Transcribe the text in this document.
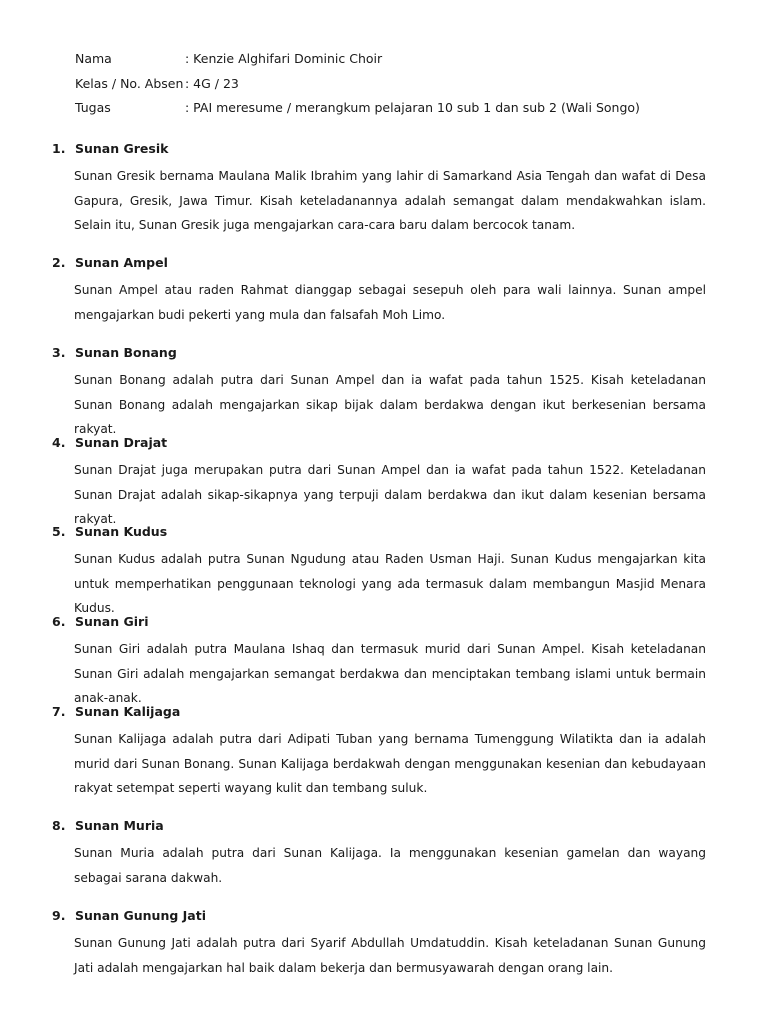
Nama	: Kenzie Alghifari Dominic Choir
Kelas / No. Absen : 4G / 23
Tugas	: PAI meresume / merangkum pelajaran 10 sub 1 dan sub 2 (Wali Songo)
1. Sunan Gresik
Sunan Gresik bernama Maulana Malik Ibrahim yang lahir di Samarkand Asia Tengah dan wafat di Desa Gapura, Gresik, Jawa Timur. Kisah keteladanannya adalah semangat dalam mendakwahkan islam. Selain itu, Sunan Gresik juga mengajarkan cara-cara baru dalam bercocok tanam.
2. Sunan Ampel
Sunan Ampel atau raden Rahmat dianggap sebagai sesepuh oleh para wali lainnya. Sunan ampel mengajarkan budi pekerti yang mula dan falsafah Moh Limo.
3. Sunan Bonang
Sunan Bonang adalah putra dari Sunan Ampel dan ia wafat pada tahun 1525. Kisah keteladanan Sunan Bonang adalah mengajarkan sikap bijak dalam berdakwa dengan ikut berkesenian bersama rakyat.
4. Sunan Drajat
Sunan Drajat juga merupakan putra dari Sunan Ampel dan ia wafat pada tahun 1522. Keteladanan Sunan Drajat adalah sikap-sikapnya yang terpuji dalam berdakwa dan ikut dalam kesenian bersama rakyat.
5. Sunan Kudus
Sunan Kudus adalah putra Sunan Ngudung atau Raden Usman Haji. Sunan Kudus mengajarkan kita untuk memperhatikan penggunaan teknologi yang ada termasuk dalam membangun Masjid Menara Kudus.
6. Sunan Giri
Sunan Giri adalah putra Maulana Ishaq dan termasuk murid dari Sunan Ampel. Kisah keteladanan Sunan Giri adalah mengajarkan semangat berdakwa dan menciptakan tembang islami untuk bermain anak-anak.
7. Sunan Kalijaga
Sunan Kalijaga adalah putra dari Adipati Tuban yang bernama Tumenggung Wilatikta dan ia adalah murid dari Sunan Bonang. Sunan Kalijaga berdakwah dengan menggunakan kesenian dan kebudayaan rakyat setempat seperti wayang kulit dan tembang suluk.
8. Sunan Muria
Sunan Muria adalah putra dari Sunan Kalijaga. Ia menggunakan kesenian gamelan dan wayang sebagai sarana dakwah.
9. Sunan Gunung Jati
Sunan Gunung Jati adalah putra dari Syarif Abdullah Umdatuddin. Kisah keteladanan Sunan Gunung Jati adalah mengajarkan hal baik dalam bekerja dan bermusyawarah dengan orang lain.
